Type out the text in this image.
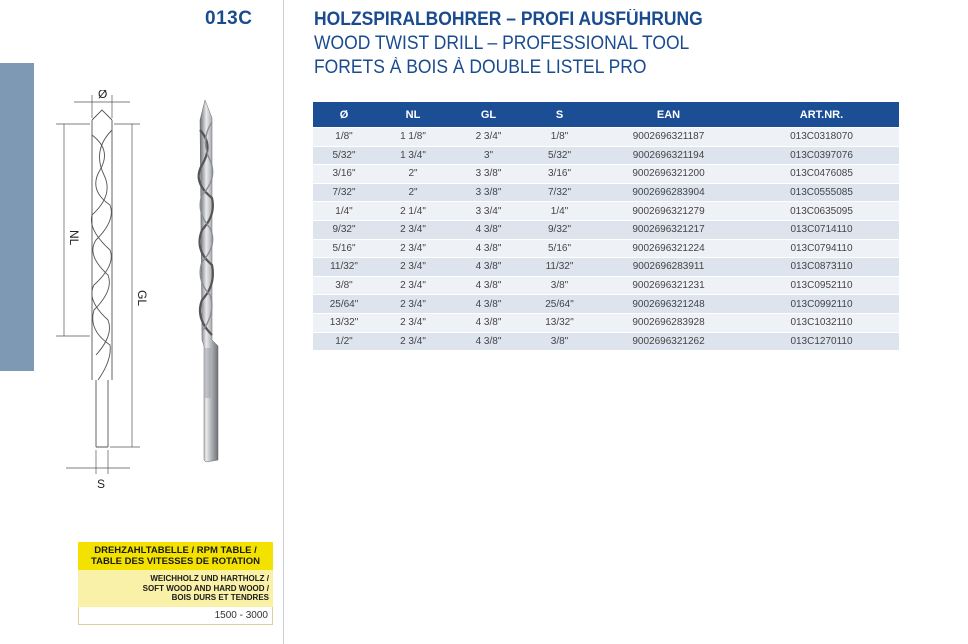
013C	HOLZSPIRALBOHRER – PROFI AUSFÜHRUNG
WOOD TWIST DRILL – PROFESSIONAL TOOL
FORETS À BOIS À DOUBLE LISTEL PRO
Ø
NL
GL
S
Ø	NL	GL	S	EAN	ART.NR.
1/8"	1 1/8"	2 3/4"	1/8"	9002696321187	013C0318070
5/32"	1 3/4"	3"	5/32"	9002696321194	013C0397076
3/16"	2"	3 3/8"	3/16"	9002696321200	013C0476085
7/32"	2"	3 3/8"	7/32"	9002696283904	013C0555085
1/4"	2 1/4"	3 3/4"	1/4"	9002696321279	013C0635095
9/32"	2 3/4"	4 3/8"	9/32"	9002696321217	013C0714110
5/16"	2 3/4"	4 3/8"	5/16"	9002696321224	013C0794110
11/32"	2 3/4"	4 3/8"	11/32"	9002696283911	013C0873110
3/8"	2 3/4"	4 3/8"	3/8"	9002696321231	013C0952110
25/64"	2 3/4"	4 3/8"	25/64"	9002696321248	013C0992110
13/32"	2 3/4"	4 3/8"	13/32"	9002696283928	013C1032110
1/2"	2 3/4"	4 3/8"	3/8"	9002696321262	013C1270110
DREHZAHLTABELLE / RPM TABLE /
TABLE DES VITESSES DE ROTATION
WEICHHOLZ UND HARTHOLZ /
SOFT WOOD AND HARD WOOD /
BOIS DURS ET TENDRES
1500 - 3000
